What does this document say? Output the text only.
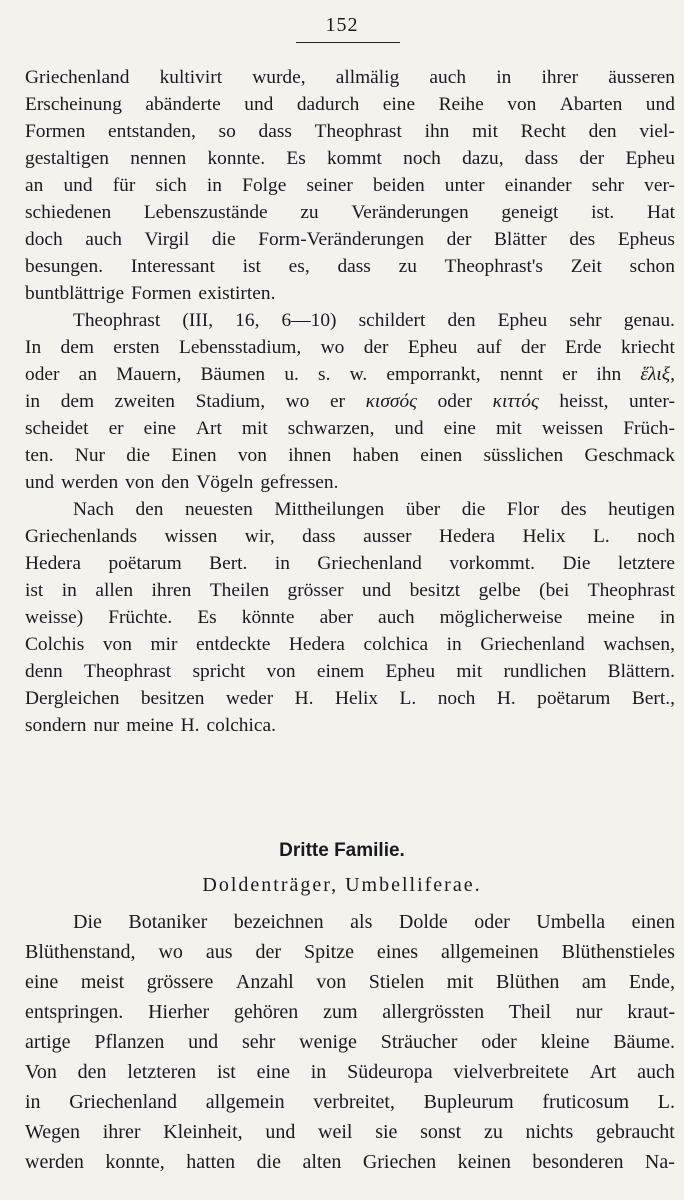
152
Griechenland kultivirt wurde, allmälig auch in ihrer äusseren
Erscheinung abänderte und dadurch eine Reihe von Abarten und
Formen entstanden, so dass Theophrast ihn mit Recht den viel-
gestaltigen nennen konnte. Es kommt noch dazu, dass der Epheu
an und für sich in Folge seiner beiden unter einander sehr ver-
schiedenen Lebenszustände zu Veränderungen geneigt ist. Hat
doch auch Virgil die Form-Veränderungen der Blätter des Epheus
besungen. Interessant ist es, dass zu Theophrast's Zeit schon
buntblättrige Formen existirten.
Theophrast (III, 16, 6—10) schildert den Epheu sehr genau.
In dem ersten Lebensstadium, wo der Epheu auf der Erde kriecht
oder an Mauern, Bäumen u. s. w. emporrankt, nennt er ihn ἕλιξ,
in dem zweiten Stadium, wo er κισσός oder κιττός heisst, unter-
scheidet er eine Art mit schwarzen, und eine mit weissen Früch-
ten. Nur die Einen von ihnen haben einen süsslichen Geschmack
und werden von den Vögeln gefressen.
Nach den neuesten Mittheilungen über die Flor des heutigen
Griechenlands wissen wir, dass ausser Hedera Helix L. noch
Hedera poëtarum Bert. in Griechenland vorkommt. Die letztere
ist in allen ihren Theilen grösser und besitzt gelbe (bei Theophrast
weisse) Früchte. Es könnte aber auch möglicherweise meine in
Colchis von mir entdeckte Hedera colchica in Griechenland wachsen,
denn Theophrast spricht von einem Epheu mit rundlichen Blättern.
Dergleichen besitzen weder H. Helix L. noch H. poëtarum Bert.,
sondern nur meine H. colchica.
Dritte Familie.
Doldenträger, Umbelliferae.
Die Botaniker bezeichnen als Dolde oder Umbella einen
Blüthenstand, wo aus der Spitze eines allgemeinen Blüthenstieles
eine meist grössere Anzahl von Stielen mit Blüthen am Ende,
entspringen. Hierher gehören zum allergrössten Theil nur kraut-
artige Pflanzen und sehr wenige Sträucher oder kleine Bäume.
Von den letzteren ist eine in Südeuropa vielverbreitete Art auch
in Griechenland allgemein verbreitet, Bupleurum fruticosum L.
Wegen ihrer Kleinheit, und weil sie sonst zu nichts gebraucht
werden konnte, hatten die alten Griechen keinen besonderen Na-
